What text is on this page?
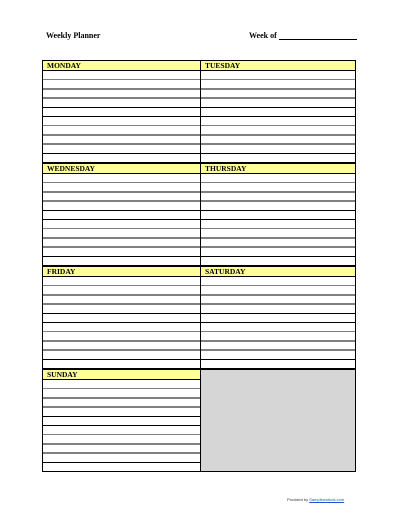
Weekly Planner	Week of
MONDAY	TUESDAY
WEDNESDAY	THURSDAY
FRIDAY	SATURDAY
SUNDAY
Provided by Sampleworkds.com
